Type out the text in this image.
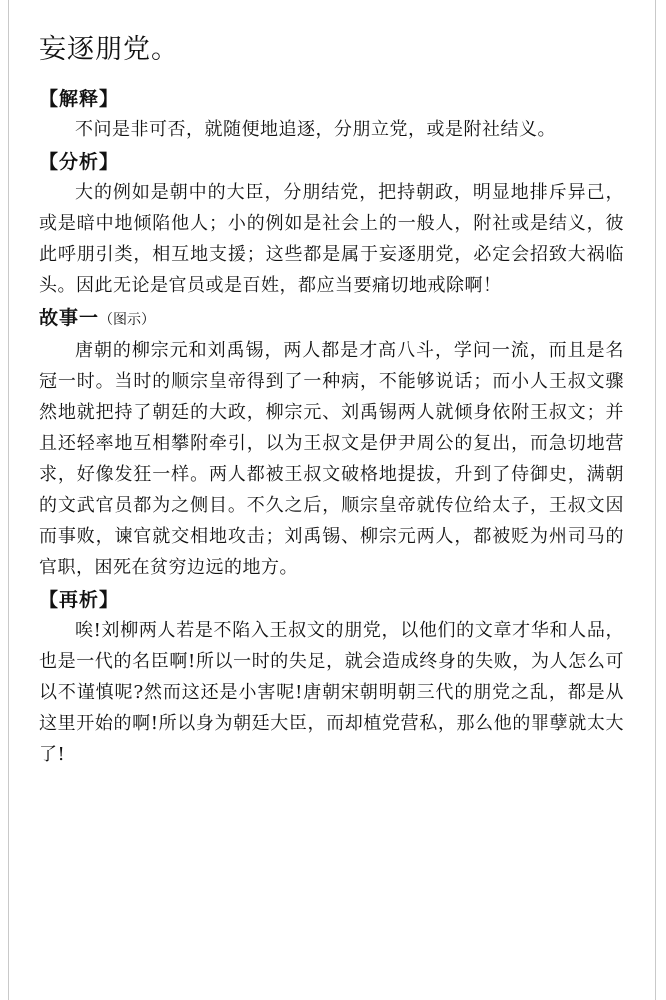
妄逐朋党。
【解释】

不问是非可否，就随便地追逐，分朋立党，或是附社结义。

【分析】

大的例如是朝中的大臣，分朋结党，把持朝政，明显地排斥异己，或是暗中地倾陷他人；小的例如是社会上的一般人，附社或是结义，彼此呼朋引类，相互地支援；这些都是属于妄逐朋党，必定会招致大祸临头。因此无论是官员或是百姓，都应当要痛切地戒除啊！

故事一（图示）

唐朝的柳宗元和刘禹锡，两人都是才高八斗，学问一流，而且是名冠一时。当时的顺宗皇帝得到了一种病，不能够说话；而小人王叔文骤然地就把持了朝廷的大政，柳宗元、刘禹锡两人就倾身依附王叔文；并且还轻率地互相攀附牵引，以为王叔文是伊尹周公的复出，而急切地营求，好像发狂一样。两人都被王叔文破格地提拔，升到了侍御史，满朝的文武官员都为之侧目。不久之后，顺宗皇帝就传位给太子，王叔文因而事败，谏官就交相地攻击；刘禹锡、柳宗元两人，都被贬为州司马的官职，困死在贫穷边远的地方。

【再析】

唉!刘柳两人若是不陷入王叔文的朋党，以他们的文章才华和人品，也是一代的名臣啊!所以一时的失足，就会造成终身的失败，为人怎么可以不谨慎呢?然而这还是小害呢!唐朝宋朝明朝三代的朋党之乱，都是从这里开始的啊!所以身为朝廷大臣，而却植党营私，那么他的罪孽就太大了!
